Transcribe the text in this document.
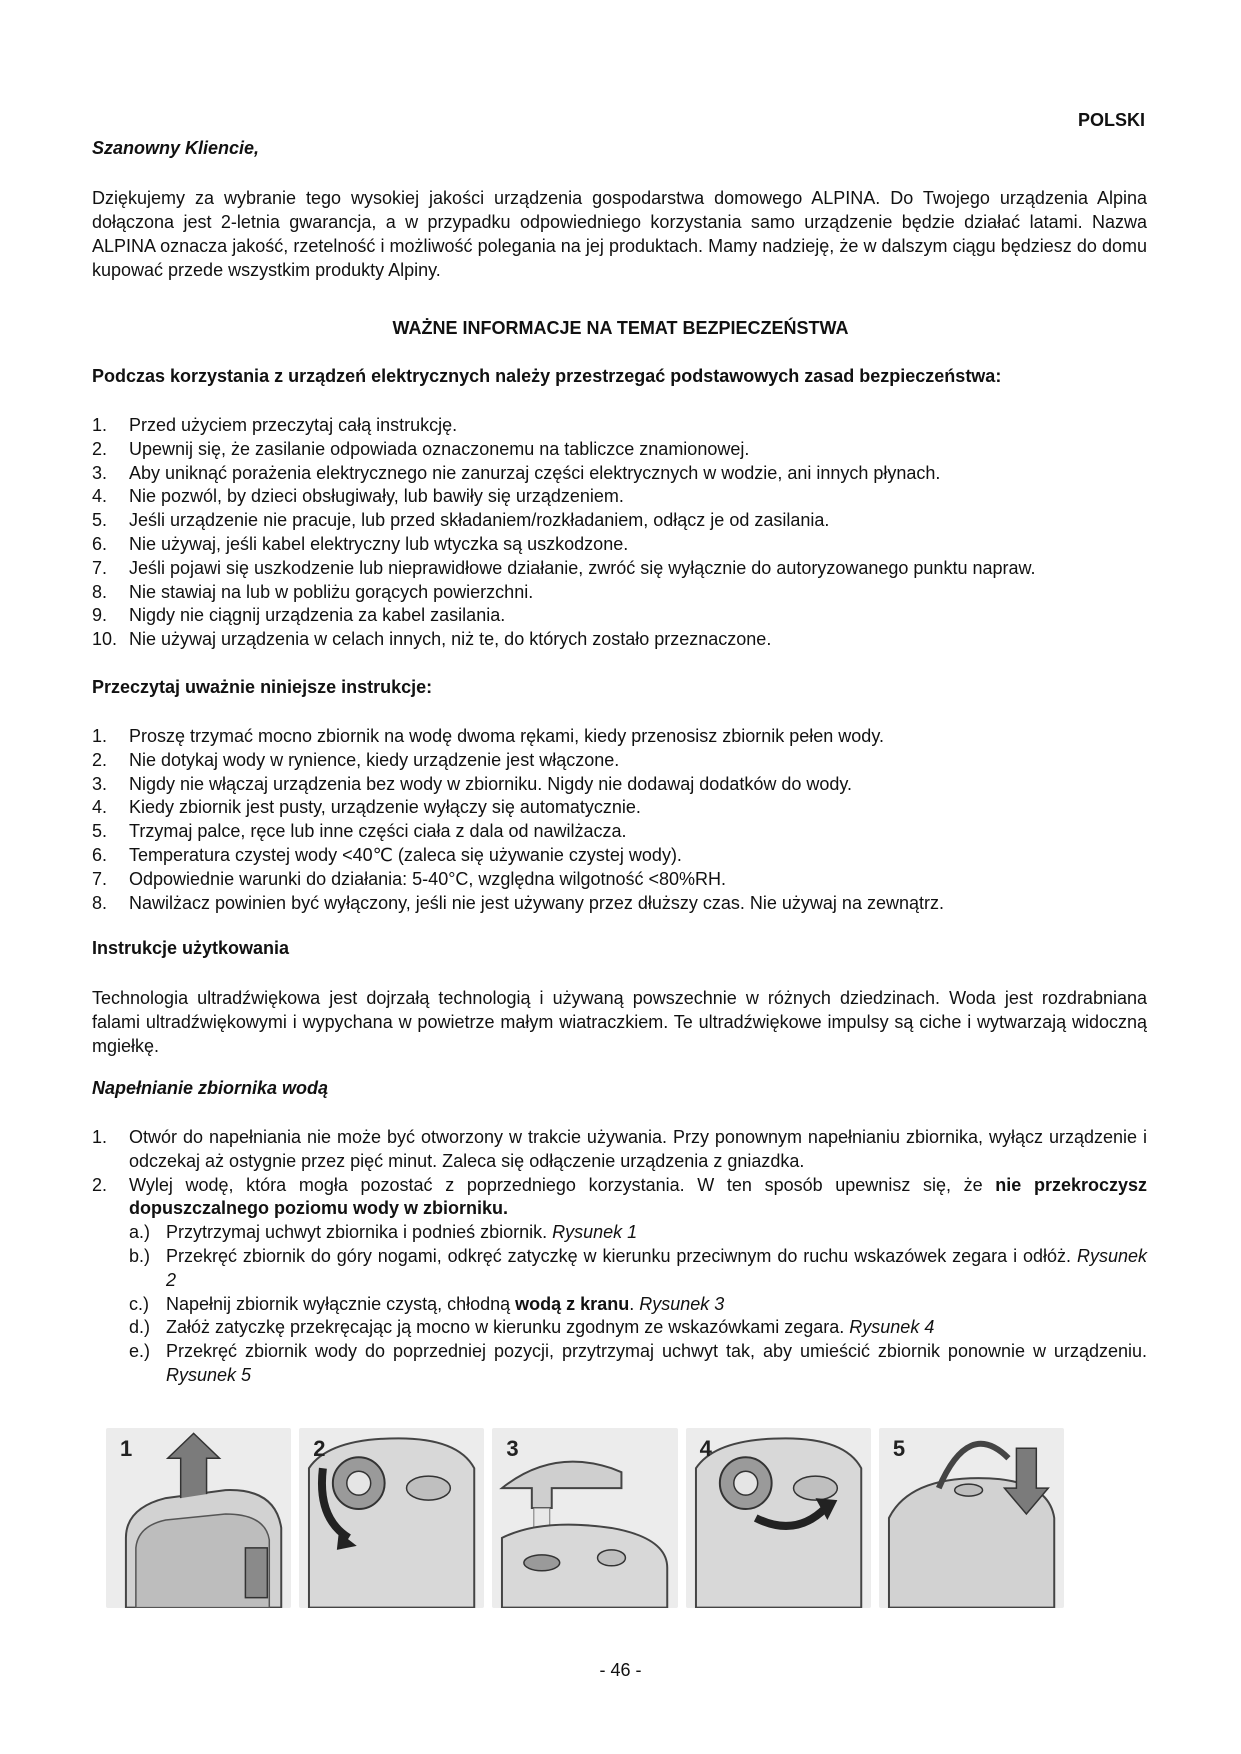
POLSKI
Szanowny Kliencie,
Dziękujemy za wybranie tego wysokiej jakości urządzenia gospodarstwa domowego ALPINA. Do Twojego urządzenia Alpina dołączona jest 2-letnia gwarancja, a w przypadku odpowiedniego korzystania samo urządzenie będzie działać latami. Nazwa ALPINA oznacza jakość, rzetelność i możliwość polegania na jej produktach. Mamy nadzieję, że w dalszym ciągu będziesz do domu kupować przede wszystkim produkty Alpiny.
WAŻNE INFORMACJE NA TEMAT BEZPIECZEŃSTWA
Podczas korzystania z urządzeń elektrycznych należy przestrzegać podstawowych zasad bezpieczeństwa:
1. Przed użyciem przeczytaj całą instrukcję.
2. Upewnij się, że zasilanie odpowiada oznaczonemu na tabliczce znamionowej.
3. Aby uniknąć porażenia elektrycznego nie zanurzaj części elektrycznych w wodzie, ani innych płynach.
4. Nie pozwól, by dzieci obsługiwały, lub bawiły się urządzeniem.
5. Jeśli urządzenie nie pracuje, lub przed składaniem/rozkładaniem, odłącz je od zasilania.
6. Nie używaj, jeśli kabel elektryczny lub wtyczka są uszkodzone.
7. Jeśli pojawi się uszkodzenie lub nieprawidłowe działanie, zwróć się wyłącznie do autoryzowanego punktu napraw.
8. Nie stawiaj na lub w pobliżu gorących powierzchni.
9. Nigdy nie ciągnij urządzenia za kabel zasilania.
10. Nie używaj urządzenia w celach innych, niż te, do których zostało przeznaczone.
Przeczytaj uważnie niniejsze instrukcje:
1. Proszę trzymać mocno zbiornik na wodę dwoma rękami, kiedy przenosisz zbiornik pełen wody.
2. Nie dotykaj wody w rynience, kiedy urządzenie jest włączone.
3. Nigdy nie włączaj urządzenia bez wody w zbiorniku. Nigdy nie dodawaj dodatków do wody.
4. Kiedy zbiornik jest pusty, urządzenie wyłączy się automatycznie.
5. Trzymaj palce, ręce lub inne części ciała z dala od nawilżacza.
6. Temperatura czystej wody <40℃ (zaleca się używanie czystej wody).
7. Odpowiednie warunki do działania: 5-40°C, względna wilgotność <80%RH.
8. Nawilżacz powinien być wyłączony, jeśli nie jest używany przez dłuższy czas. Nie używaj na zewnątrz.
Instrukcje użytkowania
Technologia ultradźwiękowa jest dojrzałą technologią i używaną powszechnie w różnych dziedzinach. Woda jest rozdrabniana falami ultradźwiękowymi i wypychana w powietrze małym wiatraczkiem. Te ultradźwiękowe impulsy są ciche i wytwarzają widoczną mgiełkę.
Napełnianie zbiornika wodą
1. Otwór do napełniania nie może być otworzony w trakcie używania. Przy ponownym napełnianiu zbiornika, wyłącz urządzenie i odczekaj aż ostygnie przez pięć minut. Zaleca się odłączenie urządzenia z gniazdka.
2. Wylej wodę, która mogła pozostać z poprzedniego korzystania. W ten sposób upewnisz się, że nie przekroczysz dopuszczalnego poziomu wody w zbiorniku.
a.) Przytrzymaj uchwyt zbiornika i podnieś zbiornik. Rysunek 1
b.) Przekręć zbiornik do góry nogami, odkręć zatyczkę w kierunku przeciwnym do ruchu wskazówek zegara i odłóż. Rysunek 2
c.) Napełnij zbiornik wyłącznie czystą, chłodną wodą z kranu. Rysunek 3
d.) Załóż zatyczkę przekręcając ją mocno w kierunku zgodnym ze wskazówkami zegara. Rysunek 4
e.) Przekręć zbiornik wody do poprzedniej pozycji, przytrzymaj uchwyt tak, aby umieścić zbiornik ponownie w urządzeniu. Rysunek 5
1	2	3	4	5
- 46 -
